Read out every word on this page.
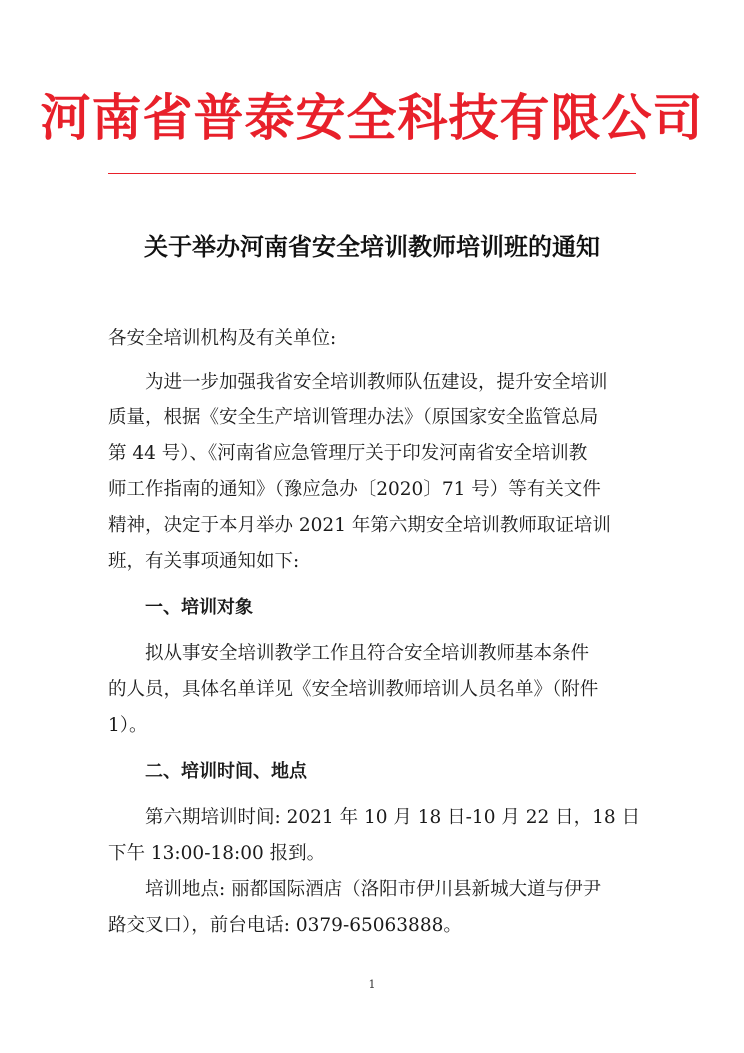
河南省普泰安全科技有限公司
关于举办河南省安全培训教师培训班的通知
各安全培训机构及有关单位:
为进一步加强我省安全培训教师队伍建设，提升安全培训
质量，根据《安全生产培训管理办法》（原国家安全监管总局
第 44 号）、《河南省应急管理厅关于印发河南省安全培训教
师工作指南的通知》（豫应急办〔2020〕71 号）等有关文件
精神，决定于本月举办 2021 年第六期安全培训教师取证培训
班，有关事项通知如下:
一、培训对象
拟从事安全培训教学工作且符合安全培训教师基本条件
的人员，具体名单详见《安全培训教师培训人员名单》（附件
1）。
二、培训时间、地点
第六期培训时间: 2021 年 10 月 18 日-10 月 22 日，18 日
下午 13:00-18:00 报到。
培训地点: 丽都国际酒店（洛阳市伊川县新城大道与伊尹
路交叉口），前台电话: 0379-65063888。
1
